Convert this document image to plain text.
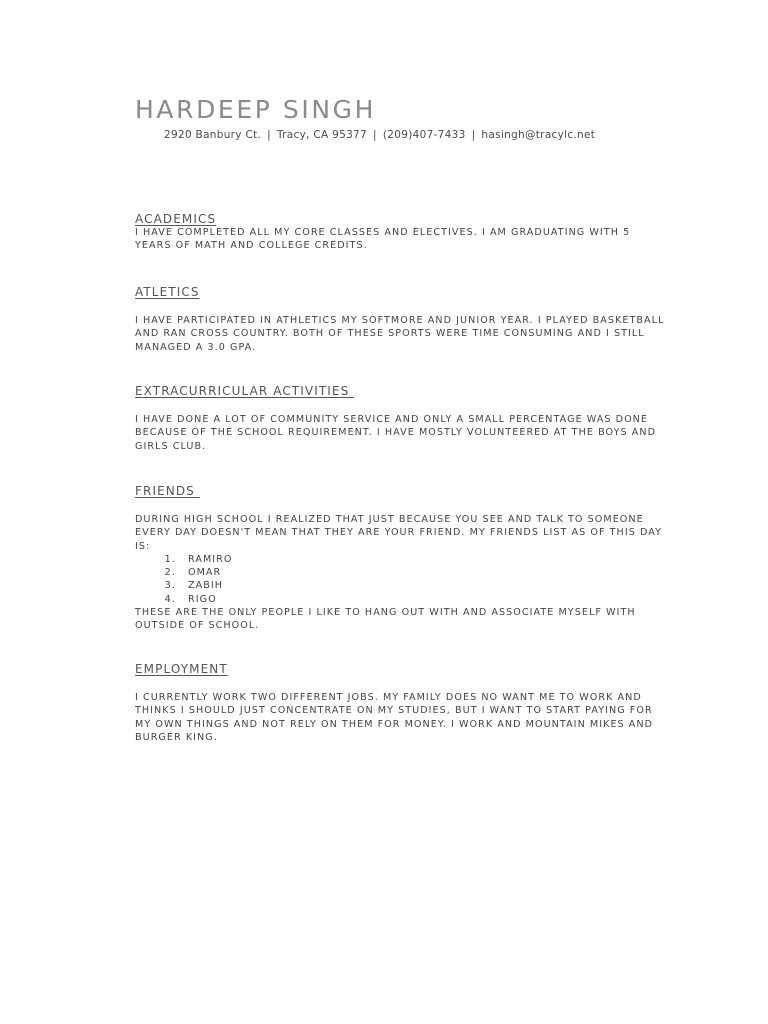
HARDEEP SINGH
2920 Banbury Ct. | Tracy, CA 95377 | (209)407-7433 | hasingh@tracylc.net
ACADEMICS

I HAVE COMPLETED ALL MY CORE CLASSES AND ELECTIVES. I AM GRADUATING WITH 5 YEARS OF MATH AND COLLEGE CREDITS.

ATLETICS

I HAVE PARTICIPATED IN ATHLETICS MY SOFTMORE AND JUNIOR YEAR. I PLAYED BASKETBALL AND RAN CROSS COUNTRY. BOTH OF THESE SPORTS WERE TIME CONSUMING AND I STILL MANAGED A 3.0 GPA.

EXTRACURRICULAR ACTIVITIES

I HAVE DONE A LOT OF COMMUNITY SERVICE AND ONLY A SMALL PERCENTAGE WAS DONE BECAUSE OF THE SCHOOL REQUIREMENT. I HAVE MOSTLY VOLUNTEERED AT THE BOYS AND GIRLS CLUB.

FRIENDS

DURING HIGH SCHOOL I REALIZED THAT JUST BECAUSE YOU SEE AND TALK TO SOMEONE EVERY DAY DOESN'T MEAN THAT THEY ARE YOUR FRIEND. MY FRIENDS LIST AS OF THIS DAY IS:

1. RAMIRO
2. OMAR
3. ZABIH
4. RIGO

THESE ARE THE ONLY PEOPLE I LIKE TO HANG OUT WITH AND ASSOCIATE MYSELF WITH OUTSIDE OF SCHOOL.

EMPLOYMENT

I CURRENTLY WORK TWO DIFFERENT JOBS. MY FAMILY DOES NO WANT ME TO WORK AND THINKS I SHOULD JUST CONCENTRATE ON MY STUDIES, BUT I WANT TO START PAYING FOR MY OWN THINGS AND NOT RELY ON THEM FOR MONEY. I WORK AND MOUNTAIN MIKES AND BURGER KING.
